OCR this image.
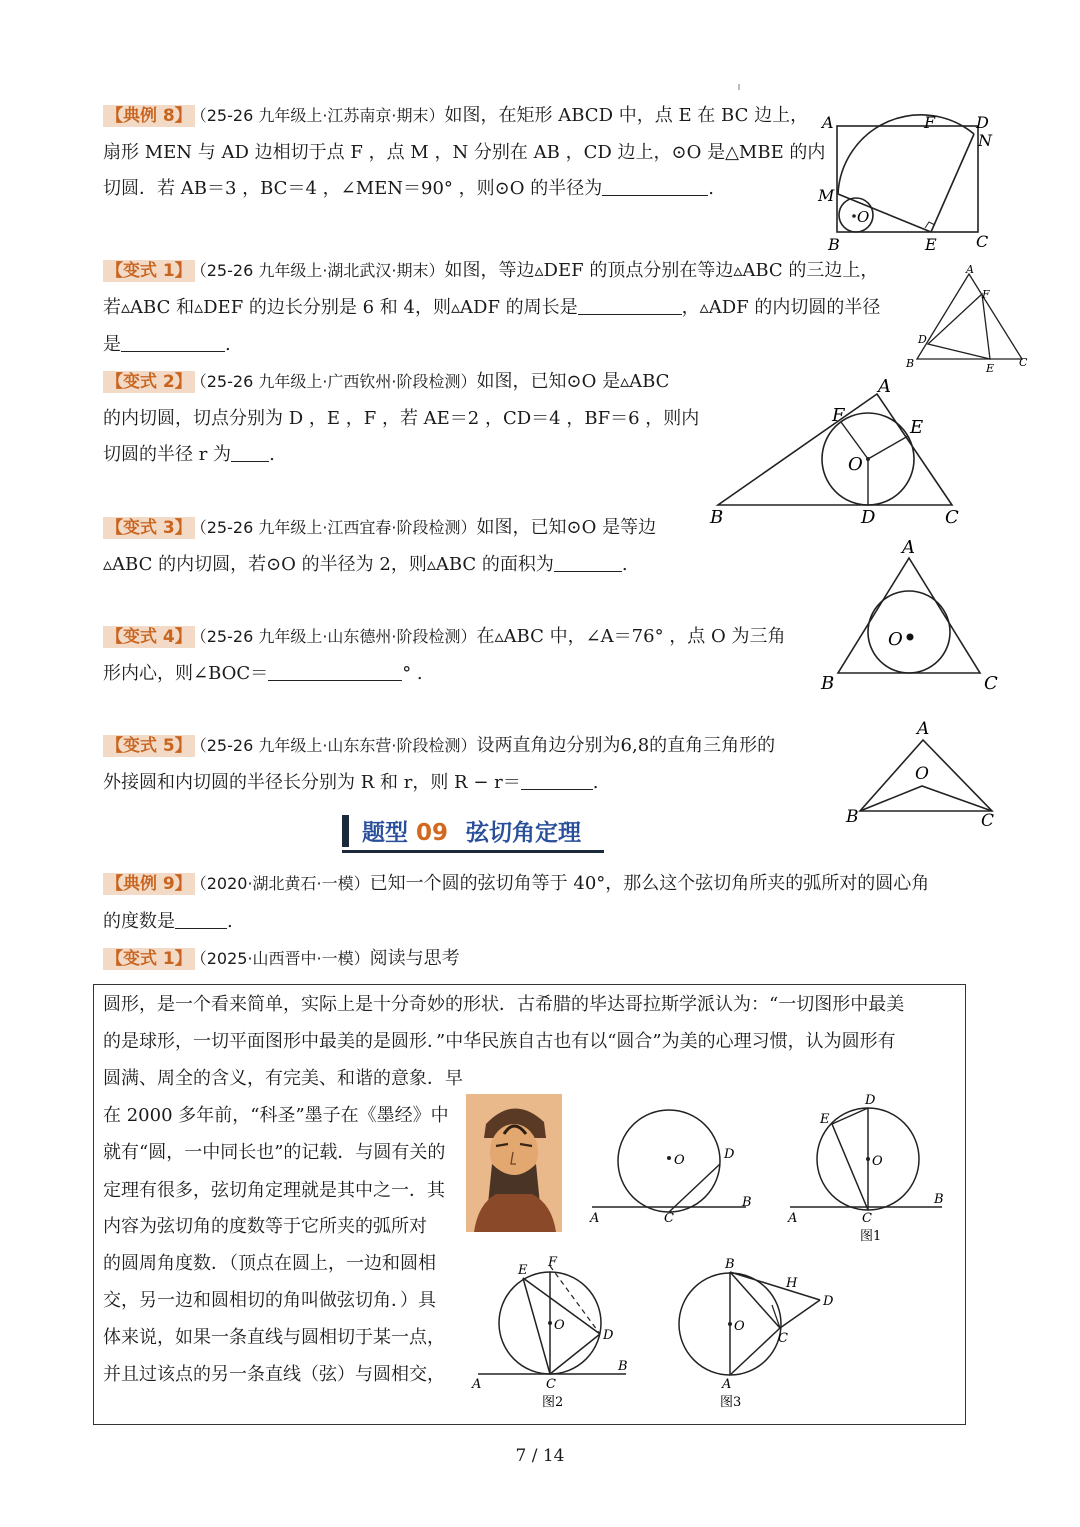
【典例 8】 （25-26 九年级上·江苏南京·期末）如图，在矩形 ABCD 中，点 E 在 BC 边上，
扇形 MEN 与 AD 边相切于点 F ，点 M ，N 分别在 AB ，CD 边上，⊙O 是△MBE 的内
切圆．若 AB＝3 ，BC＝4 ，∠MEN＝90° ，则⊙O 的半径为	.
A	F	D
N
M
O
B	E C
【变式 1】 （25-26 九年级上·湖北武汉·期末）如图，等边▵DEF 的顶点分别在等边▵ABC 的三边上，
若▵ABC 和▵DEF 的边长分别是 6 和 4，则▵ADF 的周长是	，▵ADF 的内切圆的半径
是	.
A
F
D
B	E C
【变式 2】 （25-26 九年级上·广西钦州·阶段检测）如图，已知⊙O 是▵ABC
的内切圆，切点分别为 D ，E ，F ，若 AE＝2 ，CD＝4 ，BF＝6 ，则内
切圆的半径 r 为 .
A
F
E
O
B	D	C
【变式 3】 （25-26 九年级上·江西宜春·阶段检测）如图，已知⊙O 是等边
▵ABC 的内切圆，若⊙O 的半径为 2，则▵ABC 的面积为	.
【变式 4】 （25-26 九年级上·山东德州·阶段检测）在▵ABC 中，∠A＝76° ，点 O 为三角
形内心，则∠BOC＝	° .
A
O
B	C
【变式 5】 （25-26 九年级上·山东东营·阶段检测）设两直角边分别为6,8的直角三角形的
外接圆和内切圆的半径长分别为 R 和 r，则 R − r＝	.
A
O
B	C
题型 09 弦切角定理
【典例 9】 （2020·湖北黄石·一模）已知一个圆的弦切角等于 40°，那么这个弦切角所夹的弧所对的圆心角
的度数是	.
【变式 1】 （2025·山西晋中·一模）阅读与思考
圆形，是一个看来简单，实际上是十分奇妙的形状．古希腊的毕达哥拉斯学派认为：“一切图形中最美
的是球形，一切平面图形中最美的是圆形．”中华民族自古也有以“圆合”为美的心理习惯，认为圆形有
圆满、周全的含义，有完美、和谐的意象．早
在 2000 多年前，“科圣”墨子在《墨经》中
就有“圆，一中同长也”的记载．与圆有关的
定理有很多，弦切角定理就是其中之一．其
内容为弦切角的度数等于它所夹的弧所对
的圆周角度数．（顶点在圆上，一边和圆相
交，另一边和圆相切的角叫做弦切角．）具
体来说，如果一条直线与圆相切于某一点，
并且过该点的另一条直线（弦）与圆相交，
O	D
A	C
B
D
E
O
A	C
B
图1
E
F
O
D
A	C
B
图2
B
H
D
O
C
A
图3
7 / 14
